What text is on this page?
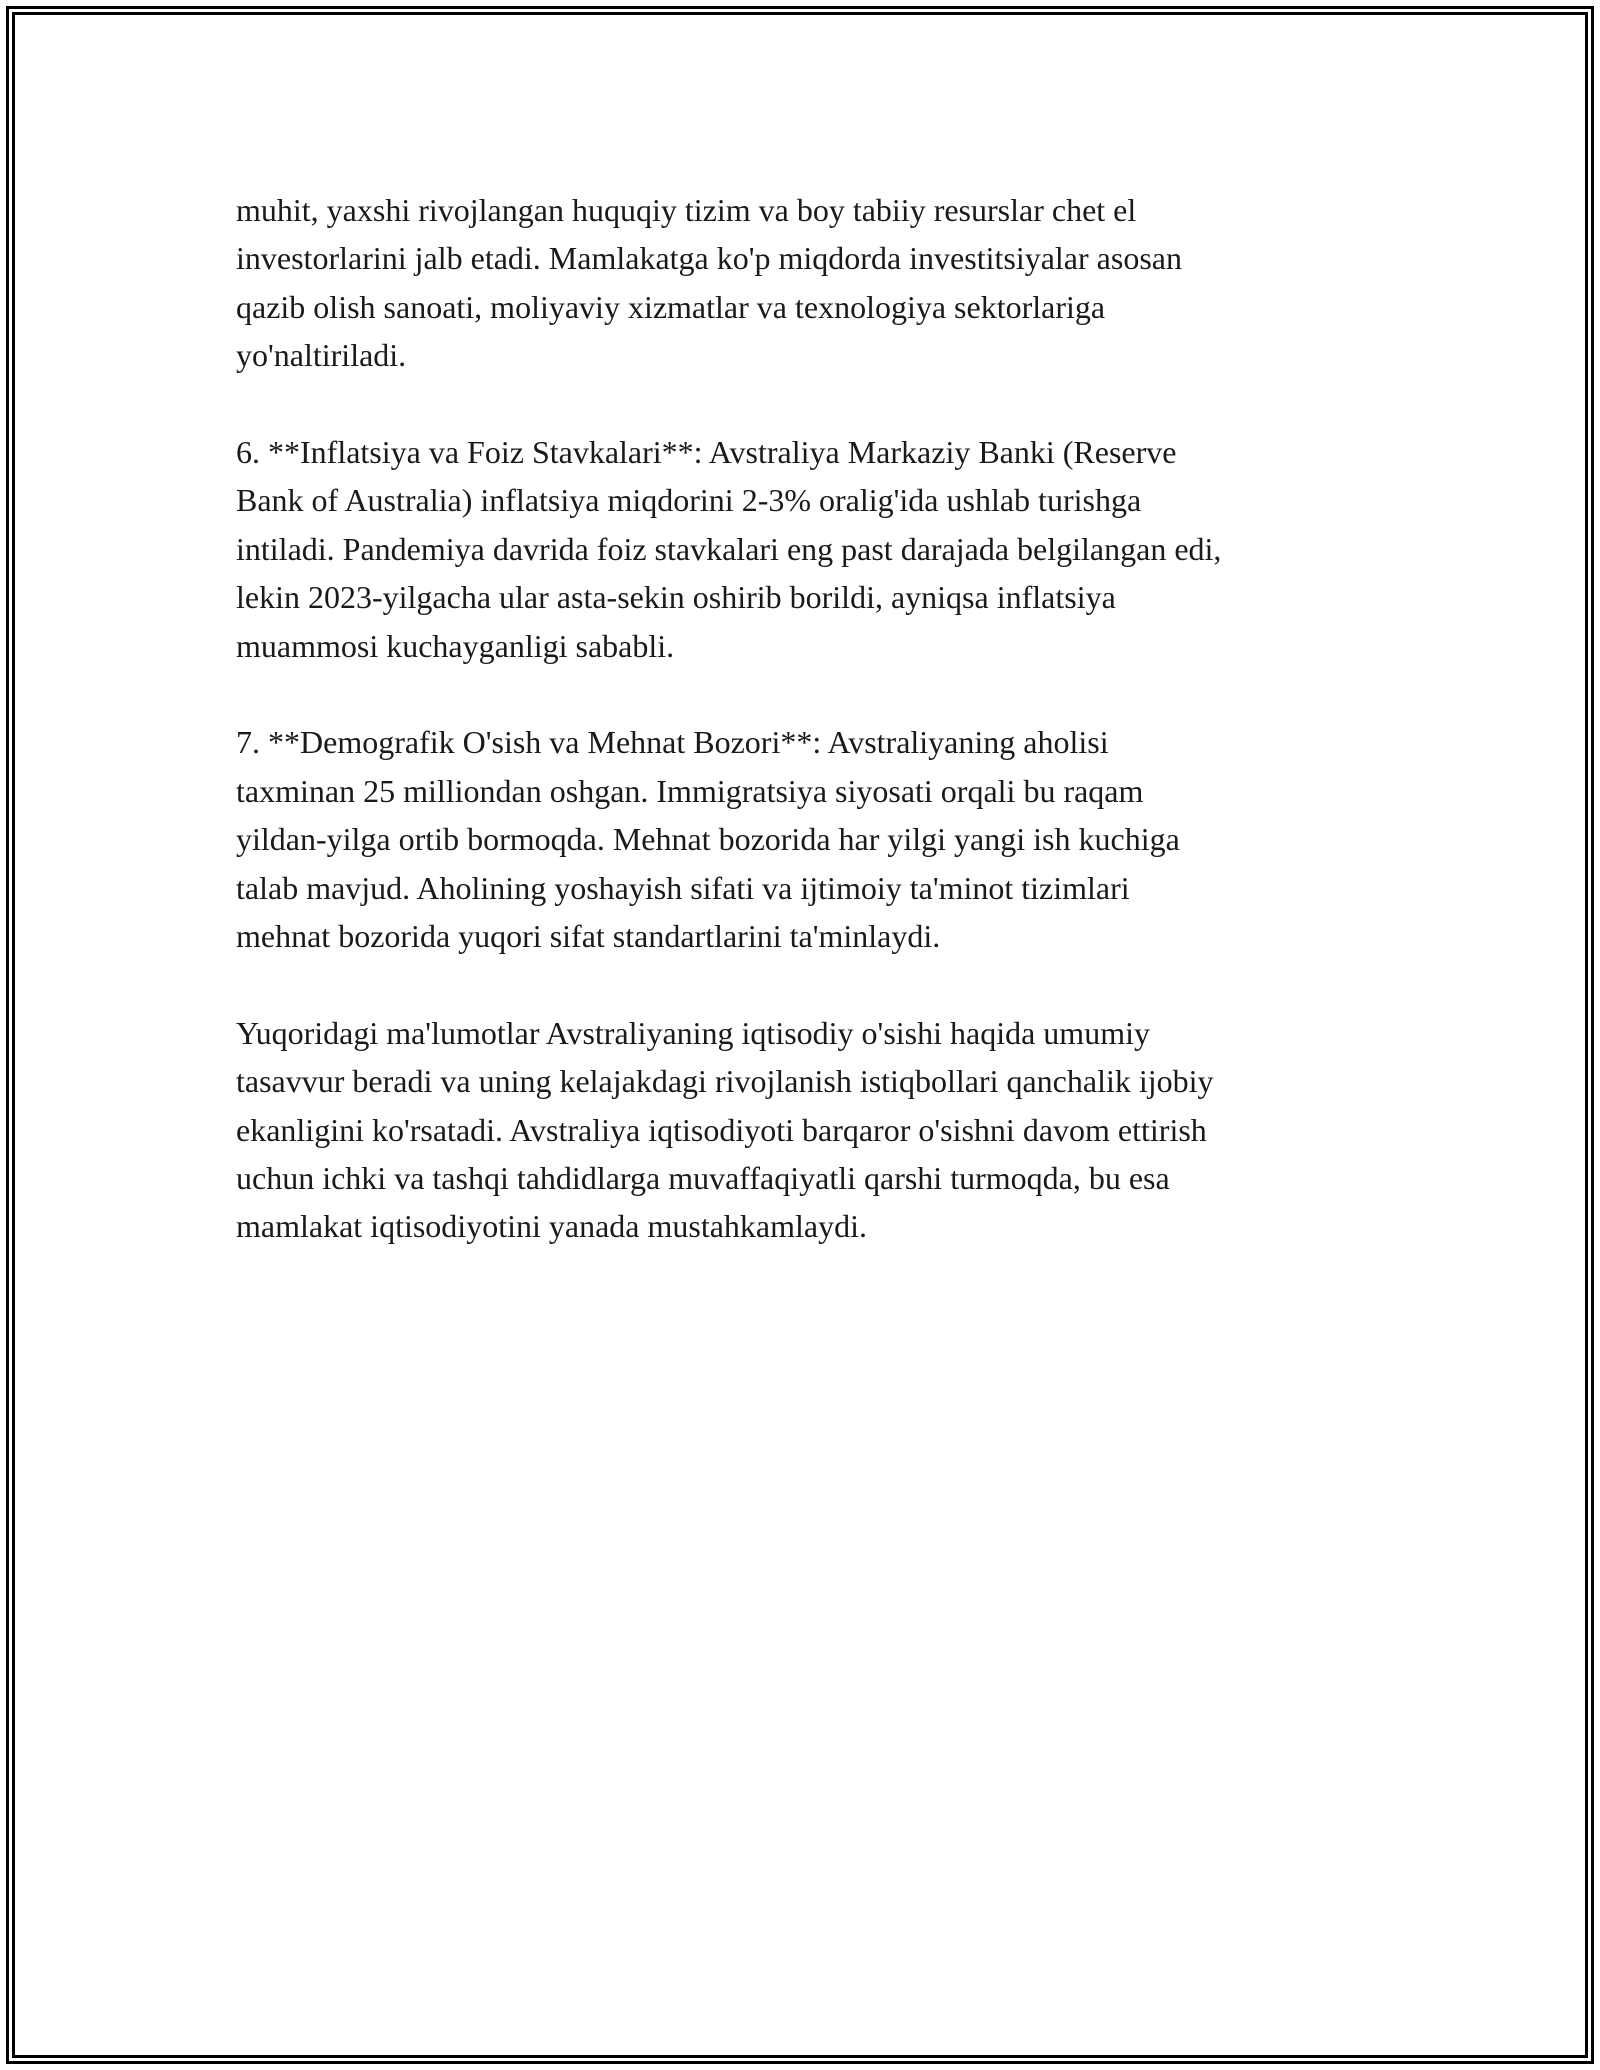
muhit, yaxshi rivojlangan huquqiy tizim va boy tabiiy resurslar chet el
investorlarini jalb etadi. Mamlakatga ko'p miqdorda investitsiyalar asosan
qazib olish sanoati, moliyaviy xizmatlar va texnologiya sektorlariga
yo'naltiriladi.

6. **Inflatsiya va Foiz Stavkalari**: Avstraliya Markaziy Banki (Reserve
Bank of Australia) inflatsiya miqdorini 2-3% oralig'ida ushlab turishga
intiladi. Pandemiya davrida foiz stavkalari eng past darajada belgilangan edi,
lekin 2023-yilgacha ular asta-sekin oshirib borildi, ayniqsa inflatsiya
muammosi kuchayganligi sababli.

7. **Demografik O'sish va Mehnat Bozori**: Avstraliyaning aholisi
taxminan 25 milliondan oshgan. Immigratsiya siyosati orqali bu raqam
yildan-yilga ortib bormoqda. Mehnat bozorida har yilgi yangi ish kuchiga
talab mavjud. Aholining yoshayish sifati va ijtimoiy ta'minot tizimlari
mehnat bozorida yuqori sifat standartlarini ta'minlaydi.

Yuqoridagi ma'lumotlar Avstraliyaning iqtisodiy o'sishi haqida umumiy
tasavvur beradi va uning kelajakdagi rivojlanish istiqbollari qanchalik ijobiy
ekanligini ko'rsatadi. Avstraliya iqtisodiyoti barqaror o'sishni davom ettirish
uchun ichki va tashqi tahdidlarga muvaffaqiyatli qarshi turmoqda, bu esa
mamlakat iqtisodiyotini yanada mustahkamlaydi.
